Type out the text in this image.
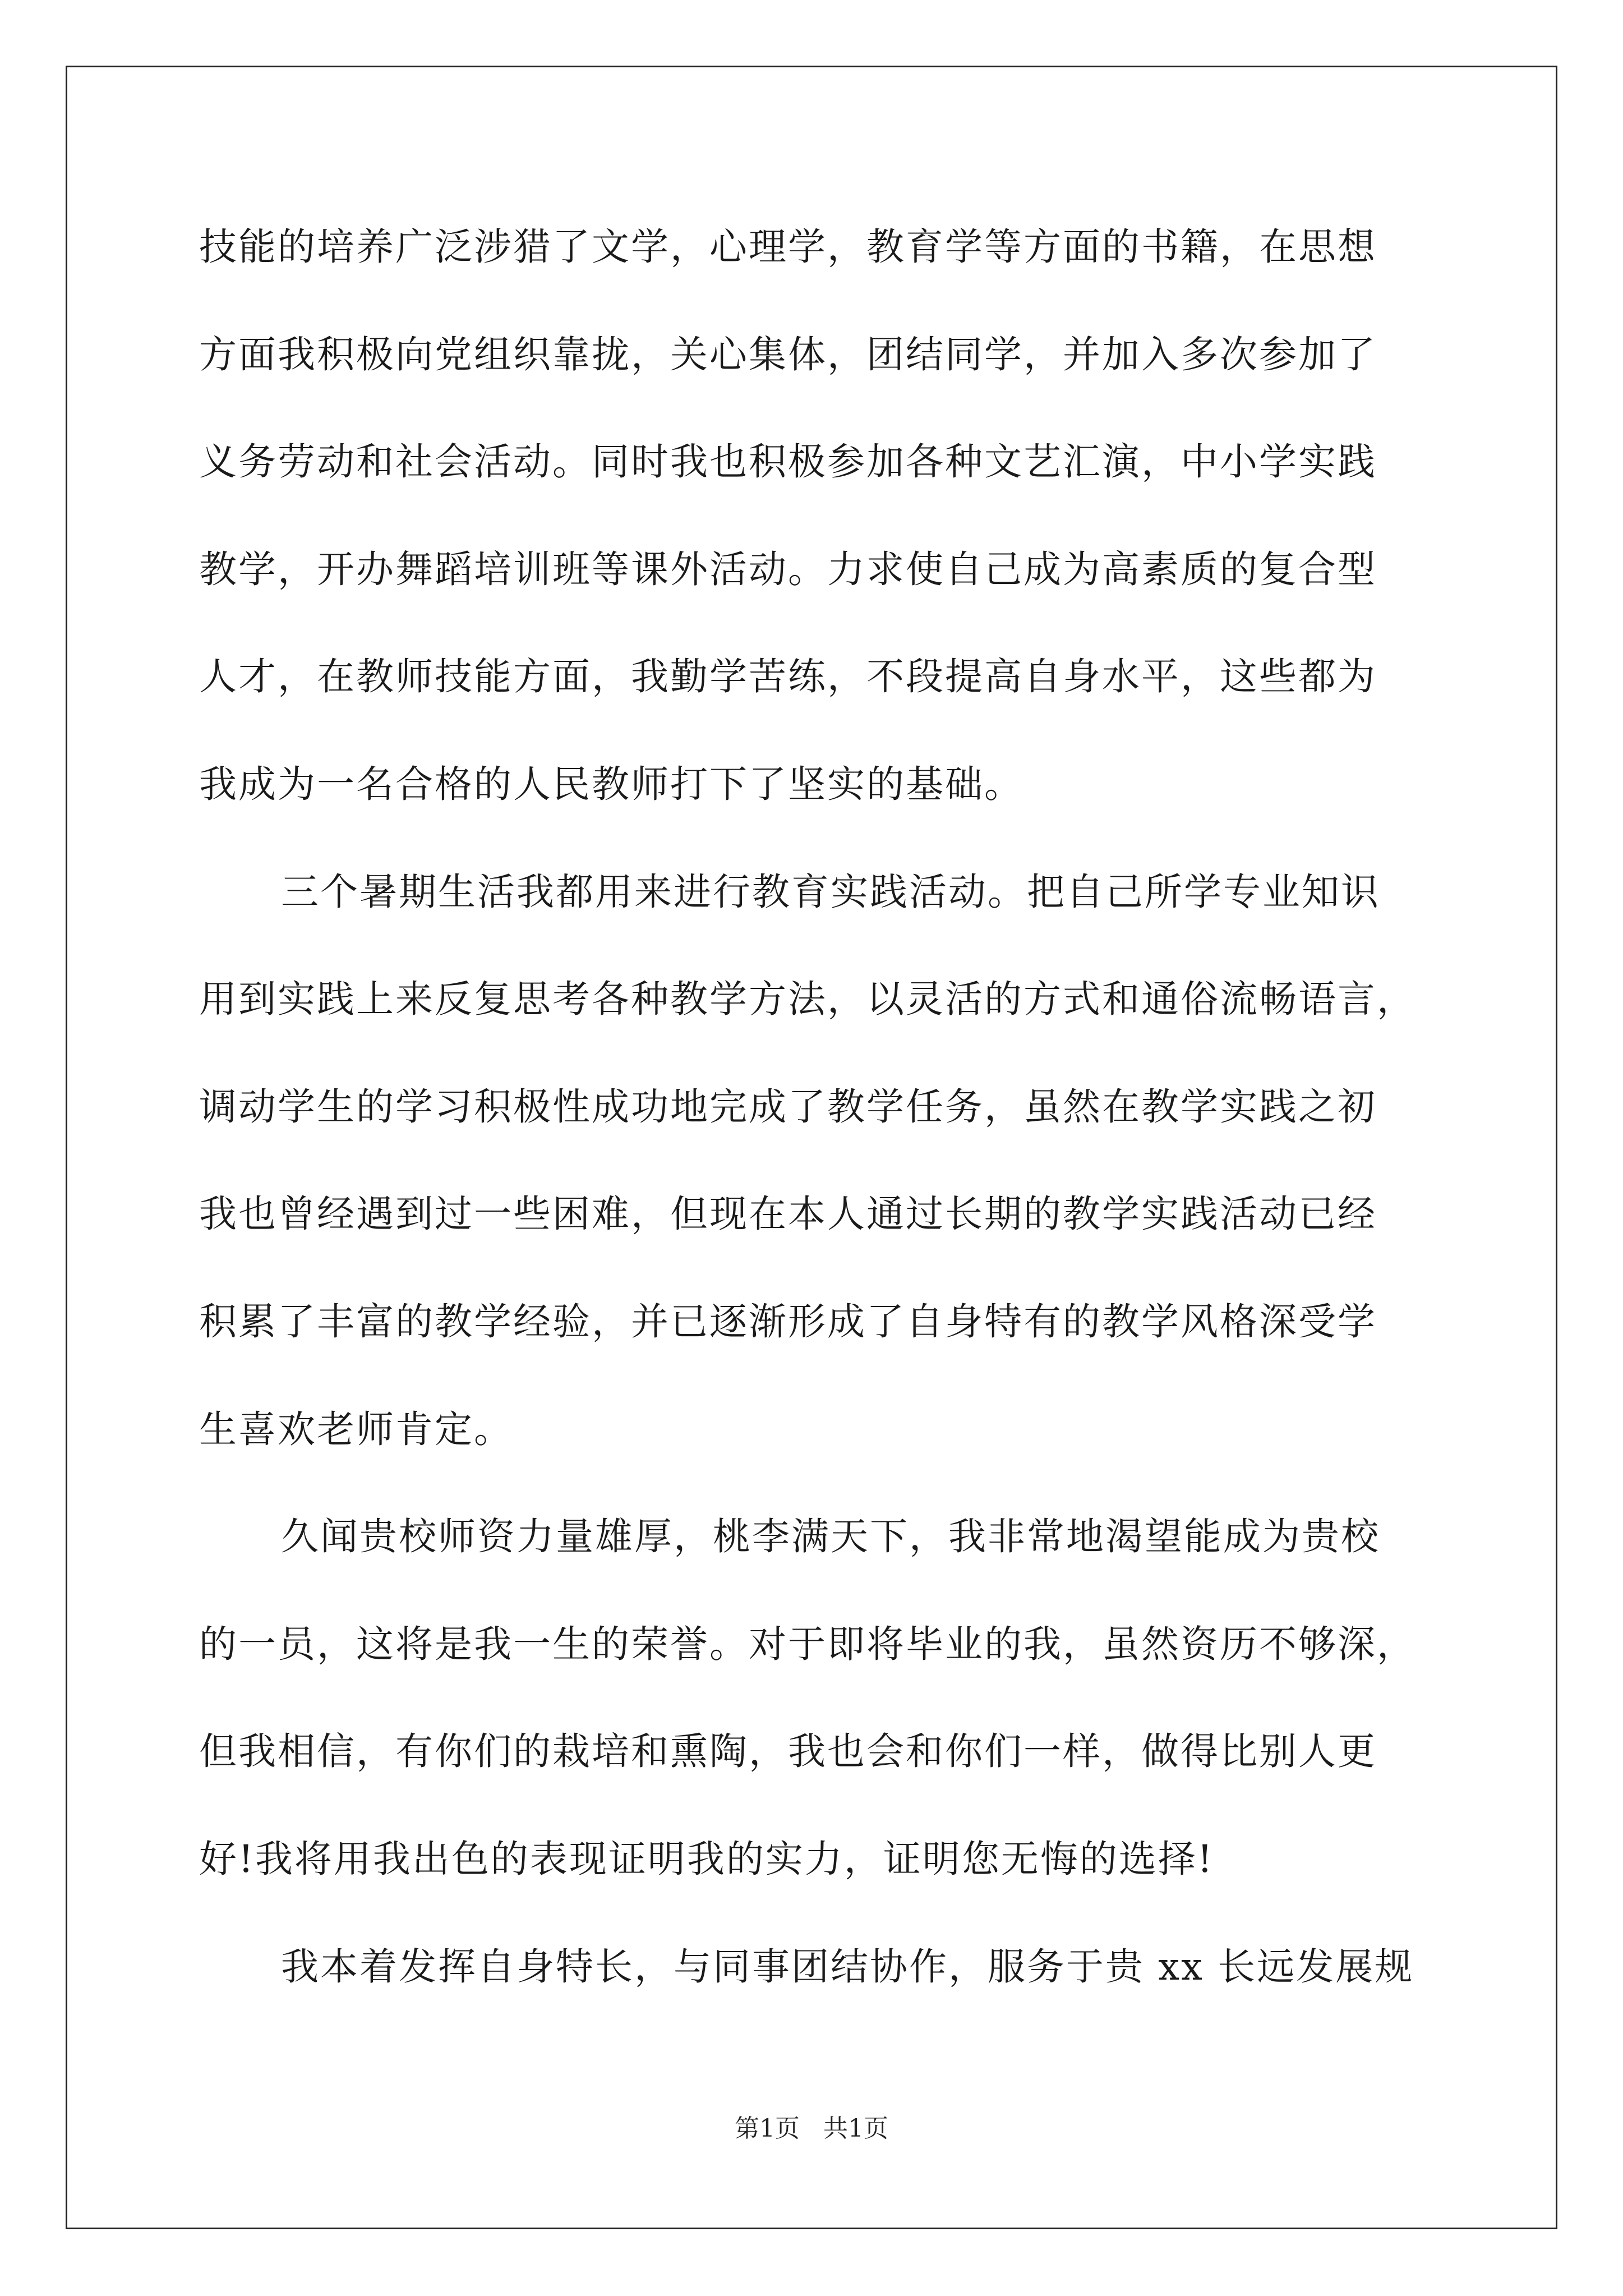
技能的培养广泛涉猎了文学，心理学，教育学等方面的书籍，在思想
方面我积极向党组织靠拢，关心集体，团结同学，并加入多次参加了
义务劳动和社会活动。同时我也积极参加各种文艺汇演，中小学实践
教学，开办舞蹈培训班等课外活动。力求使自己成为高素质的复合型
人才，在教师技能方面，我勤学苦练，不段提高自身水平，这些都为
我成为一名合格的人民教师打下了坚实的基础。
三个暑期生活我都用来进行教育实践活动。把自己所学专业知识
用到实践上来反复思考各种教学方法，以灵活的方式和通俗流畅语言，
调动学生的学习积极性成功地完成了教学任务，虽然在教学实践之初
我也曾经遇到过一些困难，但现在本人通过长期的教学实践活动已经
积累了丰富的教学经验，并已逐渐形成了自身特有的教学风格深受学
生喜欢老师肯定。
久闻贵校师资力量雄厚，桃李满天下，我非常地渴望能成为贵校
的一员，这将是我一生的荣誉。对于即将毕业的我，虽然资历不够深，
但我相信，有你们的栽培和熏陶，我也会和你们一样，做得比别人更
好!我将用我出色的表现证明我的实力，证明您无悔的选择!
我本着发挥自身特长，与同事团结协作，服务于贵 xx 长远发展规
第1页 共1页
